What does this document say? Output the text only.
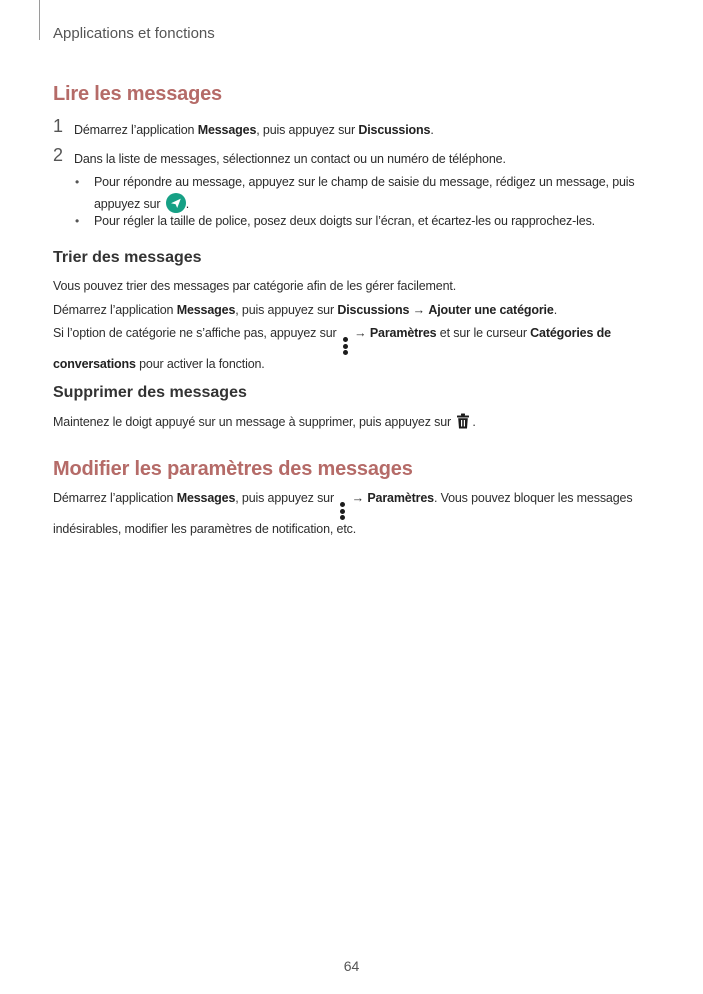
Applications et fonctions
Lire les messages
1 Démarrez l’application Messages, puis appuyez sur Discussions.
2 Dans la liste de messages, sélectionnez un contact ou un numéro de téléphone.
• Pour répondre au message, appuyez sur le champ de saisie du message, rédigez un message, puis appuyez sur .
• Pour régler la taille de police, posez deux doigts sur l’écran, et écartez-les ou rapprochez-les.
Trier des messages
Vous pouvez trier des messages par catégorie afin de les gérer facilement.
Démarrez l’application Messages, puis appuyez sur Discussions → Ajouter une catégorie.
Si l’option de catégorie ne s’affiche pas, appuyez sur
→ Paramètres et sur le curseur Catégories de conversations pour activer la fonction.
Supprimer des messages
Maintenez le doigt appuyé sur un message à supprimer, puis appuyez sur .
Modifier les paramètres des messages
Démarrez l’application Messages, puis appuyez sur
→ Paramètres. Vous pouvez bloquer les messages indésirables, modifier les paramètres de notification, etc.
64
